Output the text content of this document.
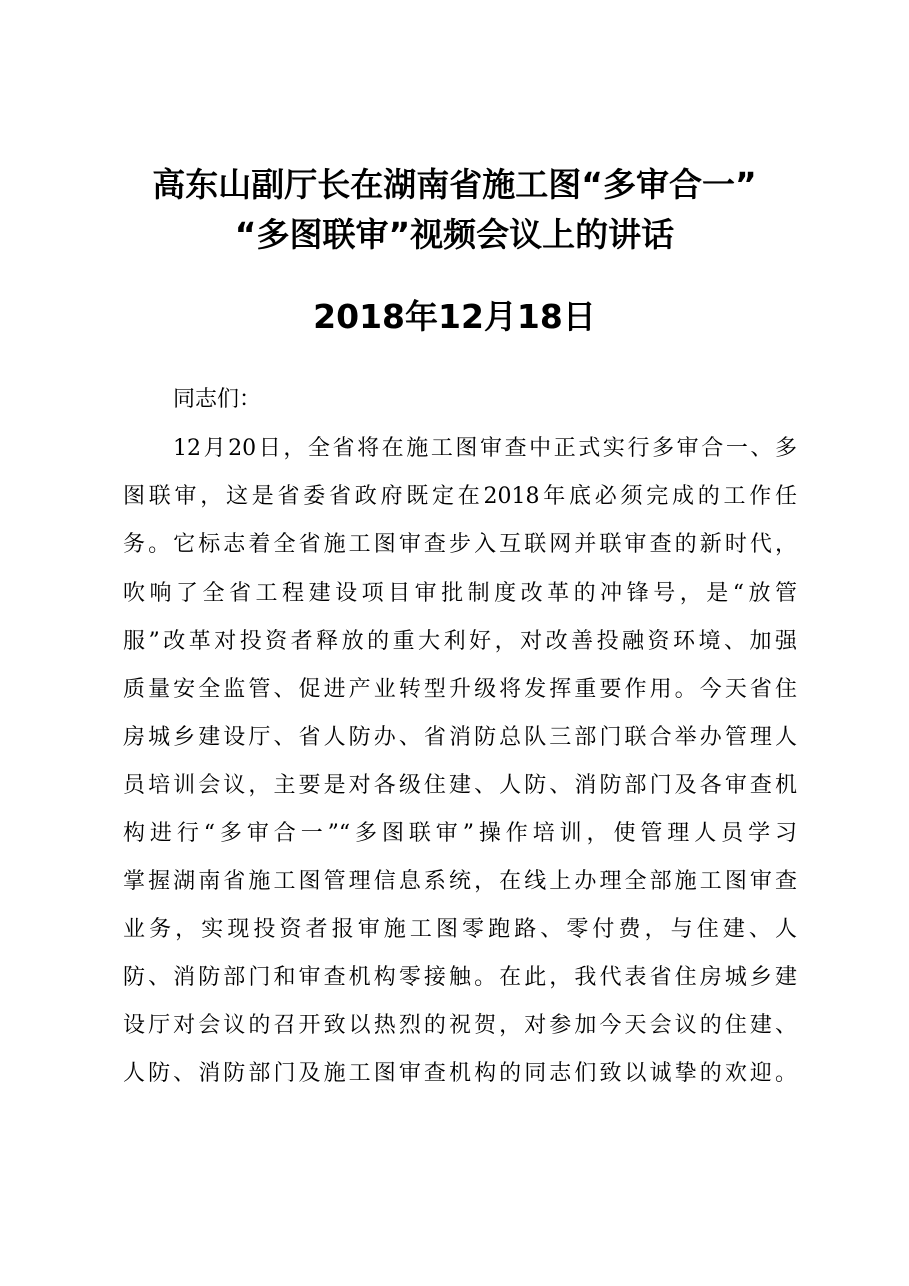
高东山副厅长在湖南省施工图“多审合一”
“多图联审”视频会议上的讲话
2018年12月18日
同志们：
12月20日，全省将在施工图审查中正式实行多审合一、多
图联审，这是省委省政府既定在2018年底必须完成的工作任
务。它标志着全省施工图审查步入互联网并联审查的新时代，
吹响了全省工程建设项目审批制度改革的冲锋号，是“放管
服”改革对投资者释放的重大利好，对改善投融资环境、加强
质量安全监管、促进产业转型升级将发挥重要作用。今天省住
房城乡建设厅、省人防办、省消防总队三部门联合举办管理人
员培训会议，主要是对各级住建、人防、消防部门及各审查机
构进行“多审合一”“多图联审”操作培训，使管理人员学习
掌握湖南省施工图管理信息系统，在线上办理全部施工图审查
业务，实现投资者报审施工图零跑路、零付费，与住建、人
防、消防部门和审查机构零接触。在此，我代表省住房城乡建
设厅对会议的召开致以热烈的祝贺，对参加今天会议的住建、
人防、消防部门及施工图审查机构的同志们致以诚挚的欢迎。
